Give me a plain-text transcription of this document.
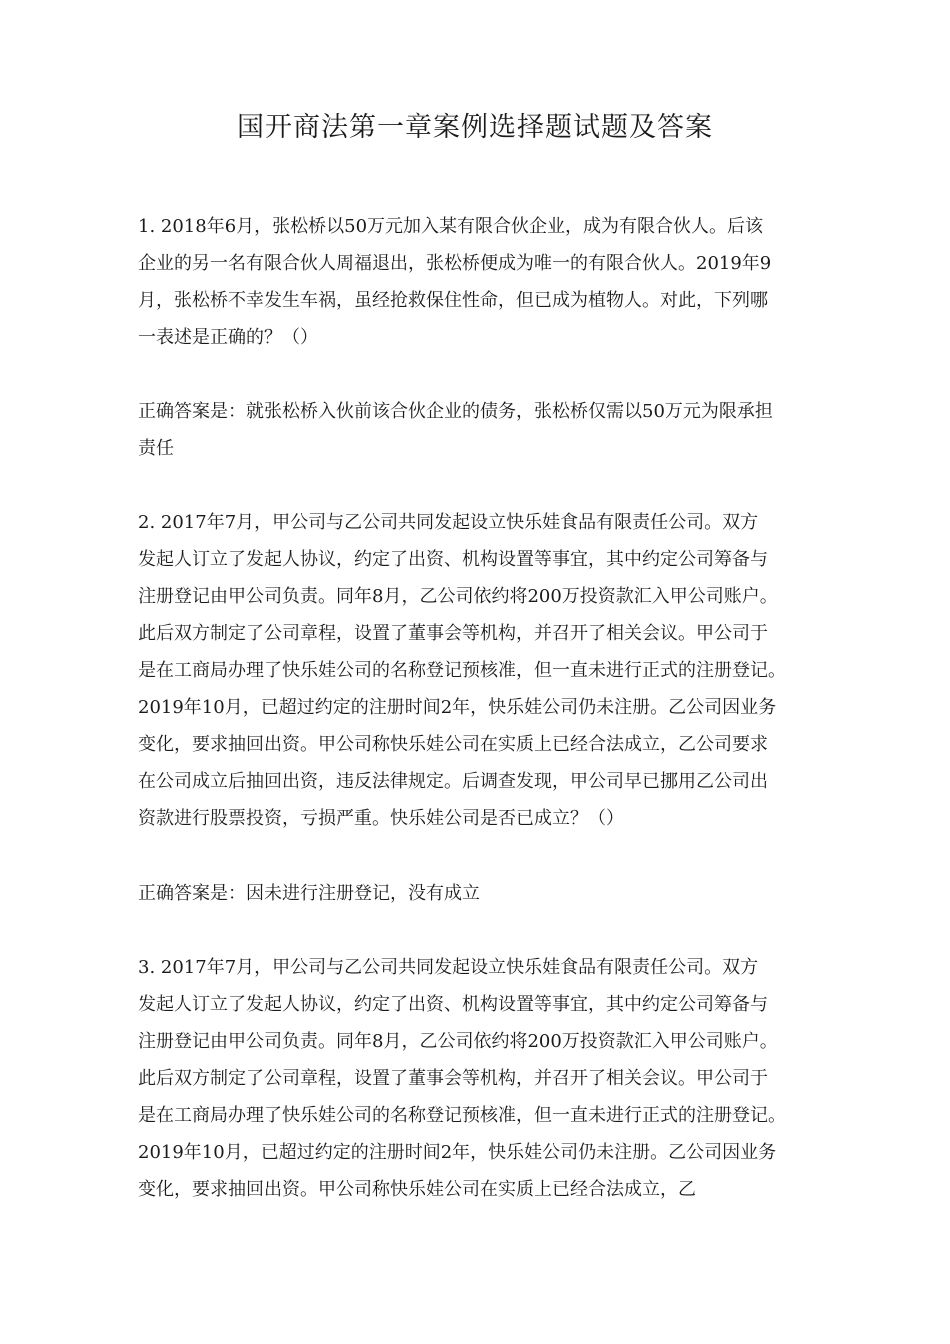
国开商法第一章案例选择题试题及答案
1. 2018年6月，张松桥以50万元加入某有限合伙企业，成为有限合伙人。后该
企业的另一名有限合伙人周福退出，张松桥便成为唯一的有限合伙人。2019年9
月，张松桥不幸发生车祸，虽经抢救保住性命，但已成为植物人。对此，下列哪
一表述是正确的？（）
正确答案是：就张松桥入伙前该合伙企业的债务，张松桥仅需以50万元为限承担
责任
2. 2017年7月，甲公司与乙公司共同发起设立快乐娃食品有限责任公司。双方
发起人订立了发起人协议，约定了出资、机构设置等事宜，其中约定公司筹备与
注册登记由甲公司负责。同年8月，乙公司依约将200万投资款汇入甲公司账户。
此后双方制定了公司章程，设置了董事会等机构，并召开了相关会议。甲公司于
是在工商局办理了快乐娃公司的名称登记预核准，但一直未进行正式的注册登记。
2019年10月，已超过约定的注册时间2年，快乐娃公司仍未注册。乙公司因业务
变化，要求抽回出资。甲公司称快乐娃公司在实质上已经合法成立，乙公司要求
在公司成立后抽回出资，违反法律规定。后调查发现，甲公司早已挪用乙公司出
资款进行股票投资，亏损严重。快乐娃公司是否已成立？（）
正确答案是：因未进行注册登记，没有成立
3. 2017年7月，甲公司与乙公司共同发起设立快乐娃食品有限责任公司。双方
发起人订立了发起人协议，约定了出资、机构设置等事宜，其中约定公司筹备与
注册登记由甲公司负责。同年8月，乙公司依约将200万投资款汇入甲公司账户。
此后双方制定了公司章程，设置了董事会等机构，并召开了相关会议。甲公司于
是在工商局办理了快乐娃公司的名称登记预核准，但一直未进行正式的注册登记。
2019年10月，已超过约定的注册时间2年，快乐娃公司仍未注册。乙公司因业务
变化，要求抽回出资。甲公司称快乐娃公司在实质上已经合法成立，乙
